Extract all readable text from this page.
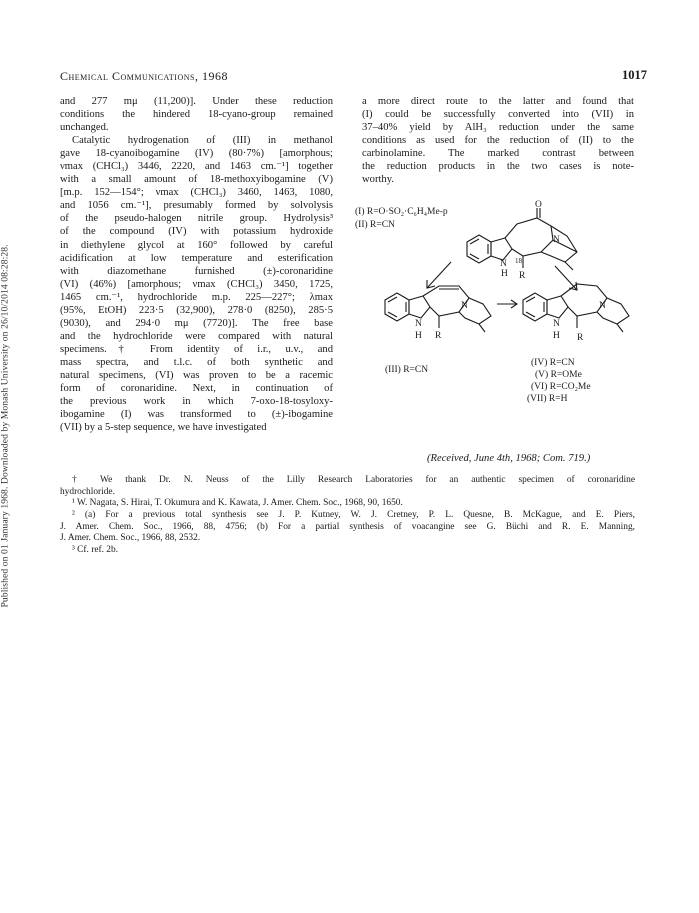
Published on 01 January 1968. Downloaded by Monash University on 26/10/2014 08:28:28.
Chemical Communications, 1968	1017
and 277 mμ (11,200)]. Under these reduction
conditions the hindered 18-cyano-group remained
unchanged.
Catalytic hydrogenation of (III) in methanol
gave 18-cyanoibogamine (IV) (80·7%) [amorphous;
νmax (CHCl₃) 3446, 2220, and 1463 cm.⁻¹] together
with a small amount of 18-methoxyibogamine (V)
[m.p. 152—154°; νmax (CHCl₃) 3460, 1463, 1080,
and 1056 cm.⁻¹], presumably formed by solvolysis
of the pseudo-halogen nitrile group. Hydrolysis³
of the compound (IV) with potassium hydroxide
in diethylene glycol at 160° followed by careful
acidification at low temperature and esterification
with diazomethane furnished (±)-coronaridine
(VI) (46%) [amorphous; νmax (CHCl₃) 3450, 1725,
1465 cm.⁻¹, hydrochloride m.p. 225—227°; λmax
(95%, EtOH) 223·5 (32,900), 278·0 (8250), 285·5
(9030), and 294·0 mμ (7720)]. The free base
and the hydrochloride were compared with natural
specimens.† From identity of i.r., u.v., and
mass spectra, and t.l.c. of both synthetic and
natural specimens, (VI) was proven to be a racemic
form of coronaridine. Next, in continuation of
the previous work in which 7-oxo-18-tosyloxy-
ibogamine (I) was transformed to (±)-ibogamine
(VII) by a 5-step sequence, we have investigated
a more direct route to the latter and found that
(I) could be successfully converted into (VII) in
37–40% yield by AlH₃ reduction under the same
conditions as used for the reduction of (II) to the
carbinolamine. The marked contrast between
the reduction products in the two cases is note-
worthy.
(I) R=O·SO₂·C₆H₄Me-p
(II) R=CN
O
N
H
18
R
N
N
H R
N
N
H R
N
(III) R=CN
(IV) R=CN
(V) R=OMe
(VI) R=CO₂Me
(VII) R=H
(Received, June 4th, 1968; Com. 719.)
† We thank Dr. N. Neuss of the Lilly Research Laboratories for an authentic specimen of coronaridine
hydrochloride.
¹ W. Nagata, S. Hirai, T. Okumura and K. Kawata, J. Amer. Chem. Soc., 1968, 90, 1650.
² (a) For a previous total synthesis see J. P. Kutney, W. J. Cretney, P. L. Quesne, B. McKague, and E. Piers,
J. Amer. Chem. Soc., 1966, 88, 4756; (b) For a partial synthesis of voacangine see G. Büchi and R. E. Manning,
J. Amer. Chem. Soc., 1966, 88, 2532.
³ Cf. ref. 2b.
